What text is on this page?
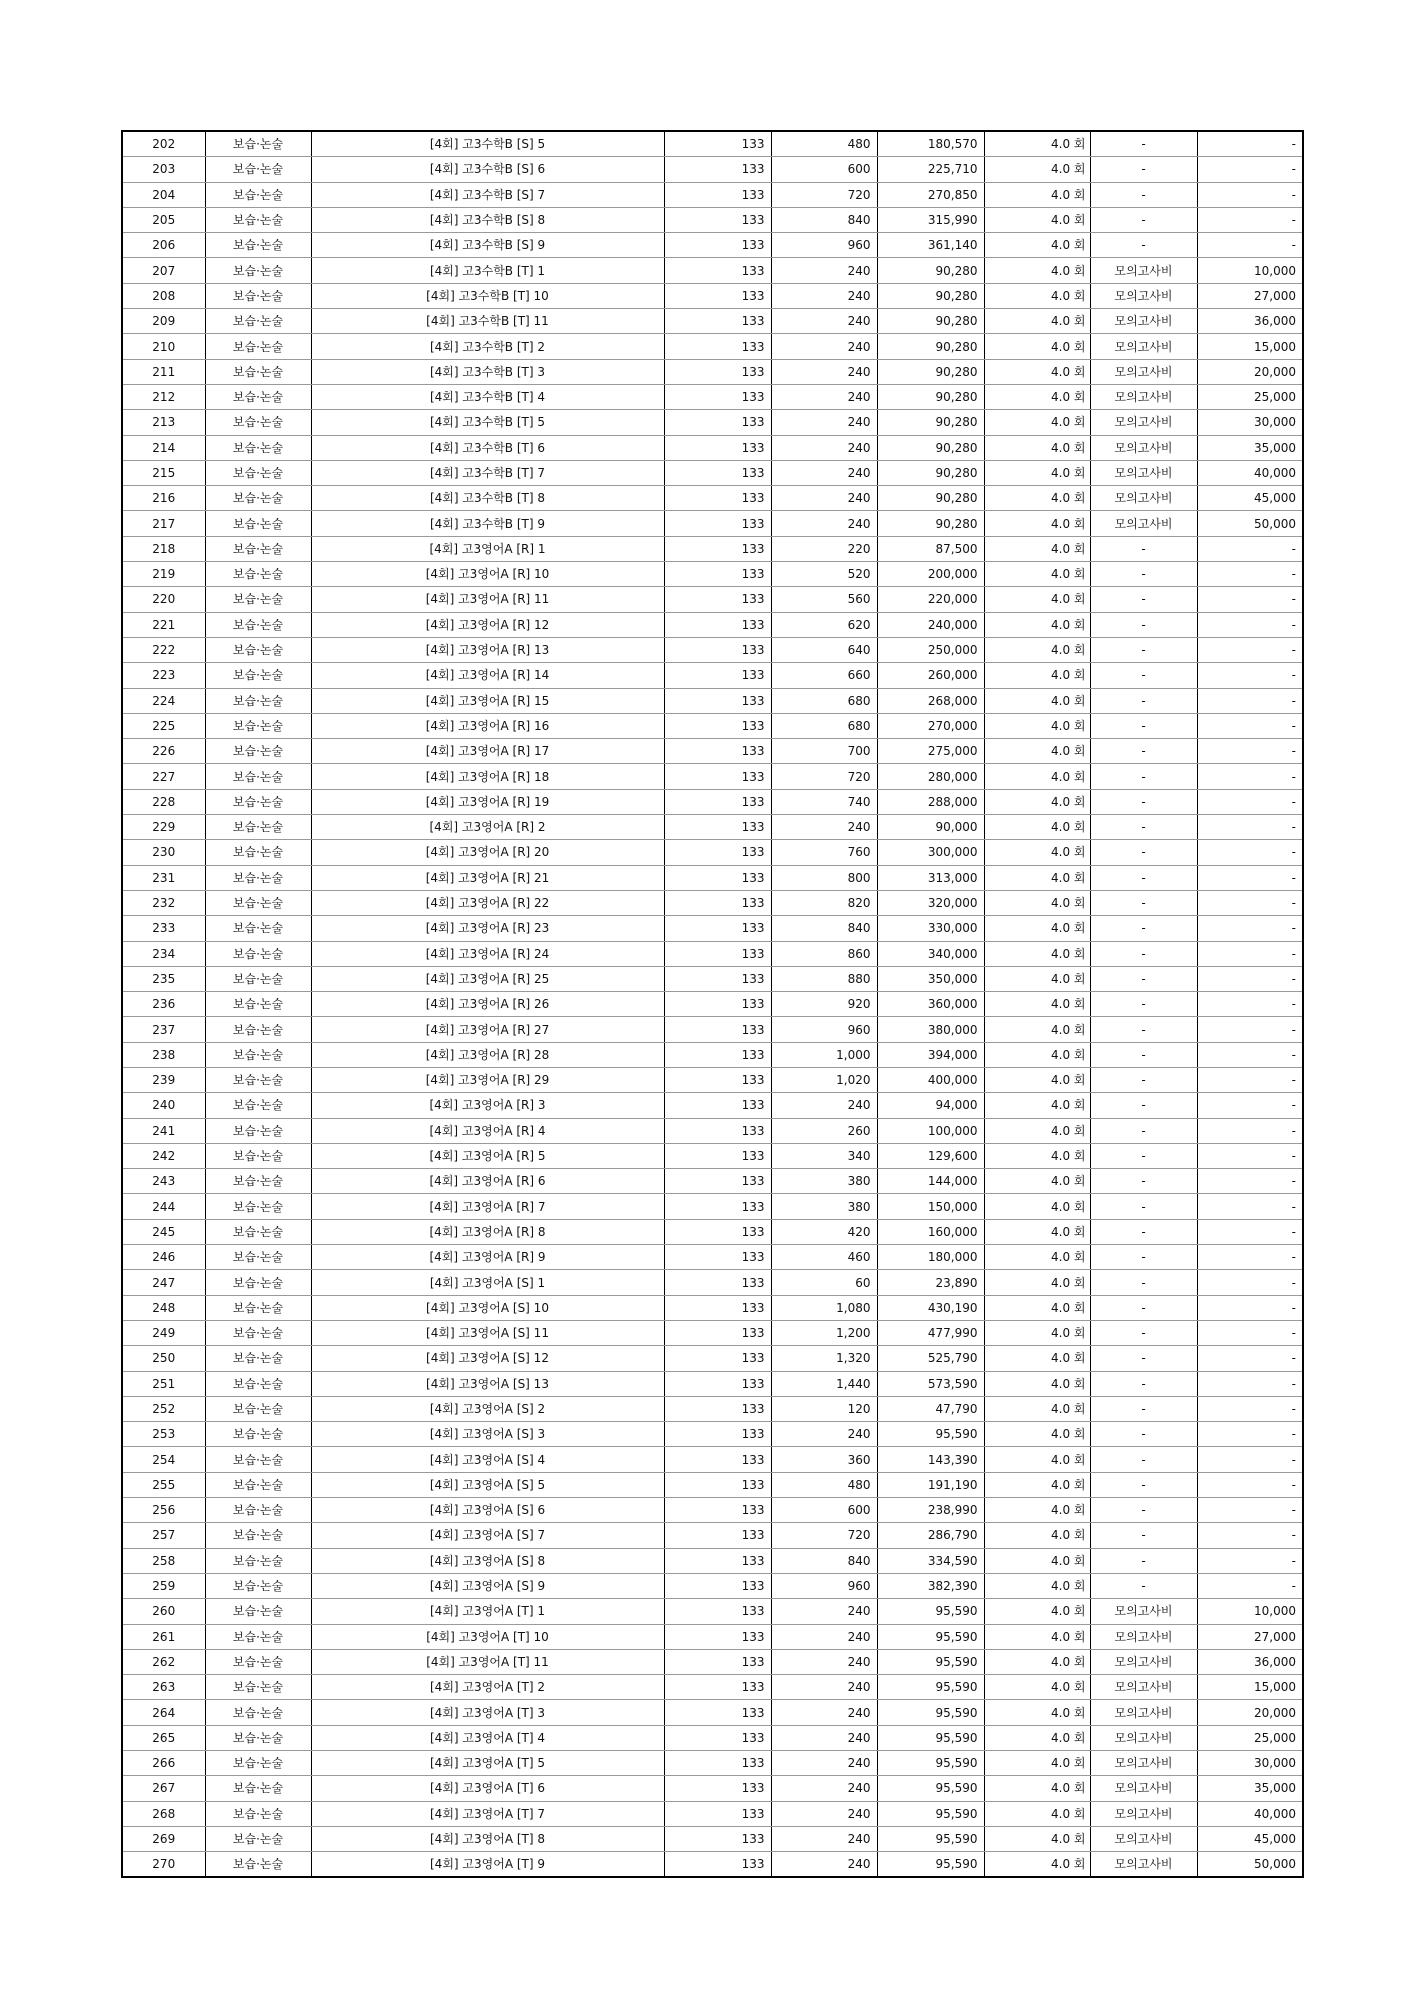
202	보습·논술	[4회] 고3수학B [S] 5	133	480	180,570	4.0 회	-	-
203	보습·논술	[4회] 고3수학B [S] 6	133	600	225,710	4.0 회	-	-
204	보습·논술	[4회] 고3수학B [S] 7	133	720	270,850	4.0 회	-	-
205	보습·논술	[4회] 고3수학B [S] 8	133	840	315,990	4.0 회	-	-
206	보습·논술	[4회] 고3수학B [S] 9	133	960	361,140	4.0 회	-	-
207	보습·논술	[4회] 고3수학B [T] 1	133	240	90,280	4.0 회	모의고사비	10,000
208	보습·논술	[4회] 고3수학B [T] 10	133	240	90,280	4.0 회	모의고사비	27,000
209	보습·논술	[4회] 고3수학B [T] 11	133	240	90,280	4.0 회	모의고사비	36,000
210	보습·논술	[4회] 고3수학B [T] 2	133	240	90,280	4.0 회	모의고사비	15,000
211	보습·논술	[4회] 고3수학B [T] 3	133	240	90,280	4.0 회	모의고사비	20,000
212	보습·논술	[4회] 고3수학B [T] 4	133	240	90,280	4.0 회	모의고사비	25,000
213	보습·논술	[4회] 고3수학B [T] 5	133	240	90,280	4.0 회	모의고사비	30,000
214	보습·논술	[4회] 고3수학B [T] 6	133	240	90,280	4.0 회	모의고사비	35,000
215	보습·논술	[4회] 고3수학B [T] 7	133	240	90,280	4.0 회	모의고사비	40,000
216	보습·논술	[4회] 고3수학B [T] 8	133	240	90,280	4.0 회	모의고사비	45,000
217	보습·논술	[4회] 고3수학B [T] 9	133	240	90,280	4.0 회	모의고사비	50,000
218	보습·논술	[4회] 고3영어A [R] 1	133	220	87,500	4.0 회	-	-
219	보습·논술	[4회] 고3영어A [R] 10	133	520	200,000	4.0 회	-	-
220	보습·논술	[4회] 고3영어A [R] 11	133	560	220,000	4.0 회	-	-
221	보습·논술	[4회] 고3영어A [R] 12	133	620	240,000	4.0 회	-	-
222	보습·논술	[4회] 고3영어A [R] 13	133	640	250,000	4.0 회	-	-
223	보습·논술	[4회] 고3영어A [R] 14	133	660	260,000	4.0 회	-	-
224	보습·논술	[4회] 고3영어A [R] 15	133	680	268,000	4.0 회	-	-
225	보습·논술	[4회] 고3영어A [R] 16	133	680	270,000	4.0 회	-	-
226	보습·논술	[4회] 고3영어A [R] 17	133	700	275,000	4.0 회	-	-
227	보습·논술	[4회] 고3영어A [R] 18	133	720	280,000	4.0 회	-	-
228	보습·논술	[4회] 고3영어A [R] 19	133	740	288,000	4.0 회	-	-
229	보습·논술	[4회] 고3영어A [R] 2	133	240	90,000	4.0 회	-	-
230	보습·논술	[4회] 고3영어A [R] 20	133	760	300,000	4.0 회	-	-
231	보습·논술	[4회] 고3영어A [R] 21	133	800	313,000	4.0 회	-	-
232	보습·논술	[4회] 고3영어A [R] 22	133	820	320,000	4.0 회	-	-
233	보습·논술	[4회] 고3영어A [R] 23	133	840	330,000	4.0 회	-	-
234	보습·논술	[4회] 고3영어A [R] 24	133	860	340,000	4.0 회	-	-
235	보습·논술	[4회] 고3영어A [R] 25	133	880	350,000	4.0 회	-	-
236	보습·논술	[4회] 고3영어A [R] 26	133	920	360,000	4.0 회	-	-
237	보습·논술	[4회] 고3영어A [R] 27	133	960	380,000	4.0 회	-	-
238	보습·논술	[4회] 고3영어A [R] 28	133	1,000	394,000	4.0 회	-	-
239	보습·논술	[4회] 고3영어A [R] 29	133	1,020	400,000	4.0 회	-	-
240	보습·논술	[4회] 고3영어A [R] 3	133	240	94,000	4.0 회	-	-
241	보습·논술	[4회] 고3영어A [R] 4	133	260	100,000	4.0 회	-	-
242	보습·논술	[4회] 고3영어A [R] 5	133	340	129,600	4.0 회	-	-
243	보습·논술	[4회] 고3영어A [R] 6	133	380	144,000	4.0 회	-	-
244	보습·논술	[4회] 고3영어A [R] 7	133	380	150,000	4.0 회	-	-
245	보습·논술	[4회] 고3영어A [R] 8	133	420	160,000	4.0 회	-	-
246	보습·논술	[4회] 고3영어A [R] 9	133	460	180,000	4.0 회	-	-
247	보습·논술	[4회] 고3영어A [S] 1	133	60	23,890	4.0 회	-	-
248	보습·논술	[4회] 고3영어A [S] 10	133	1,080	430,190	4.0 회	-	-
249	보습·논술	[4회] 고3영어A [S] 11	133	1,200	477,990	4.0 회	-	-
250	보습·논술	[4회] 고3영어A [S] 12	133	1,320	525,790	4.0 회	-	-
251	보습·논술	[4회] 고3영어A [S] 13	133	1,440	573,590	4.0 회	-	-
252	보습·논술	[4회] 고3영어A [S] 2	133	120	47,790	4.0 회	-	-
253	보습·논술	[4회] 고3영어A [S] 3	133	240	95,590	4.0 회	-	-
254	보습·논술	[4회] 고3영어A [S] 4	133	360	143,390	4.0 회	-	-
255	보습·논술	[4회] 고3영어A [S] 5	133	480	191,190	4.0 회	-	-
256	보습·논술	[4회] 고3영어A [S] 6	133	600	238,990	4.0 회	-	-
257	보습·논술	[4회] 고3영어A [S] 7	133	720	286,790	4.0 회	-	-
258	보습·논술	[4회] 고3영어A [S] 8	133	840	334,590	4.0 회	-	-
259	보습·논술	[4회] 고3영어A [S] 9	133	960	382,390	4.0 회	-	-
260	보습·논술	[4회] 고3영어A [T] 1	133	240	95,590	4.0 회	모의고사비	10,000
261	보습·논술	[4회] 고3영어A [T] 10	133	240	95,590	4.0 회	모의고사비	27,000
262	보습·논술	[4회] 고3영어A [T] 11	133	240	95,590	4.0 회	모의고사비	36,000
263	보습·논술	[4회] 고3영어A [T] 2	133	240	95,590	4.0 회	모의고사비	15,000
264	보습·논술	[4회] 고3영어A [T] 3	133	240	95,590	4.0 회	모의고사비	20,000
265	보습·논술	[4회] 고3영어A [T] 4	133	240	95,590	4.0 회	모의고사비	25,000
266	보습·논술	[4회] 고3영어A [T] 5	133	240	95,590	4.0 회	모의고사비	30,000
267	보습·논술	[4회] 고3영어A [T] 6	133	240	95,590	4.0 회	모의고사비	35,000
268	보습·논술	[4회] 고3영어A [T] 7	133	240	95,590	4.0 회	모의고사비	40,000
269	보습·논술	[4회] 고3영어A [T] 8	133	240	95,590	4.0 회	모의고사비	45,000
270	보습·논술	[4회] 고3영어A [T] 9	133	240	95,590	4.0 회	모의고사비	50,000
